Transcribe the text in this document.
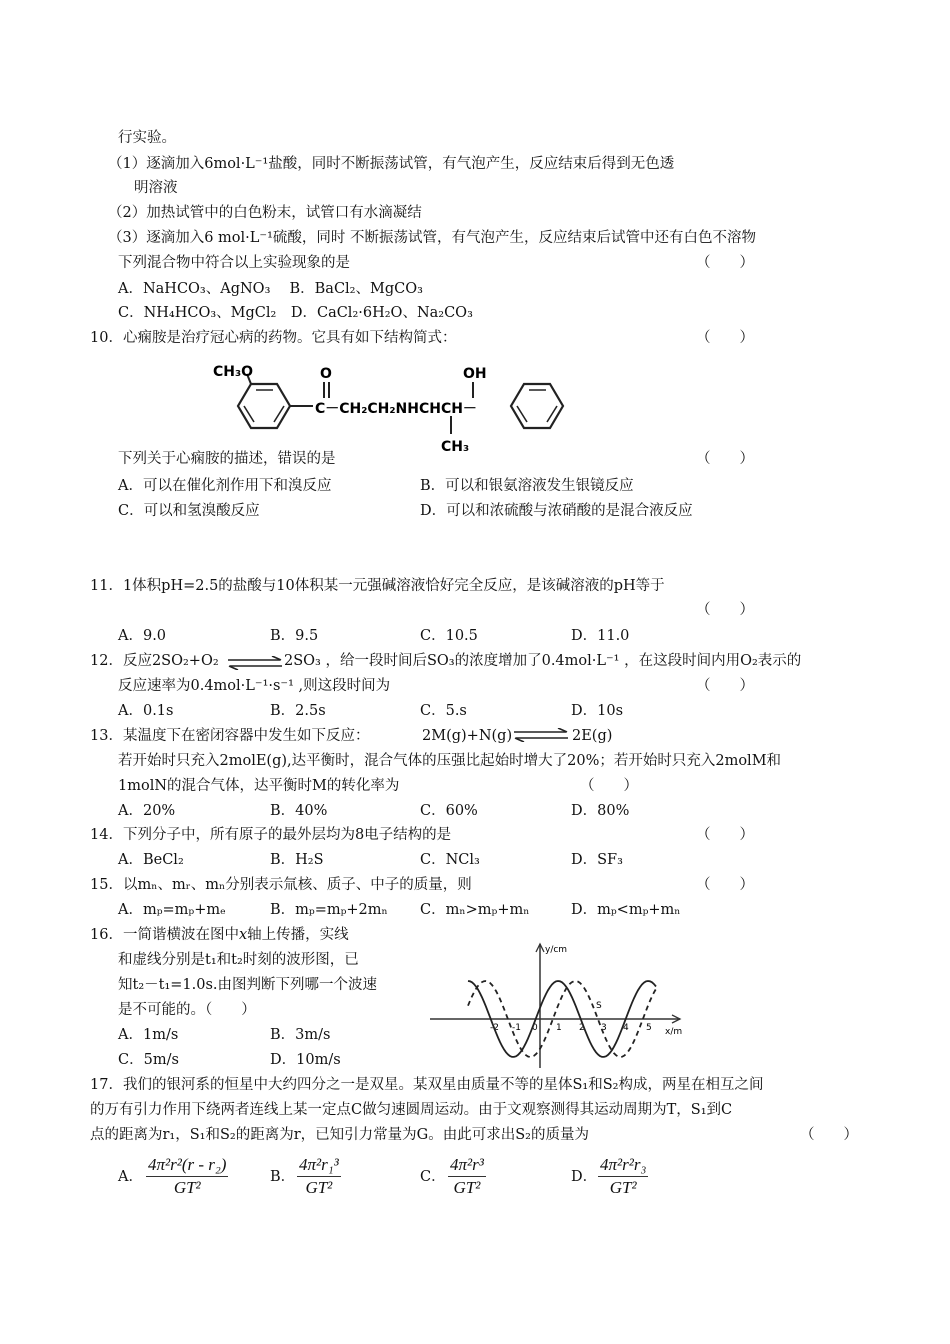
行实验。
（1）逐滴加入6mol·L⁻¹盐酸，同时不断振荡试管，有气泡产生，反应结束后得到无色透
明溶液
（2）加热试管中的白色粉末，试管口有水滴凝结
（3）逐滴加入6 mol·L⁻¹硫酸，同时 不断振荡试管，有气泡产生，反应结束后试管中还有白色不溶物
下列混合物中符合以上实验现象的是	（　　）
A．NaHCO₃、AgNO₃　 B．BaCl₂、MgCO₃
C．NH₄HCO₃、MgCl₂　D．CaCl₂·6H₂O、Na₂CO₃
10．心痫胺是治疗冠心病的药物。它具有如下结构简式：	（　　）
CH₃O	O
C－CH₂CH₂NHCHCH－
OH
CH₃
下列关于心痫胺的描述，错误的是	（　　）
A．可以在催化剂作用下和溴反应	B．可以和银氨溶液发生银镜反应
C．可以和氢溴酸反应	D．可以和浓硫酸与浓硝酸的是混合液反应
11．1体积pH=2.5的盐酸与10体积某一元强碱溶液恰好完全反应，是该碱溶液的pH等于
（　　）
A．9.0	B．9.5	C．10.5	D．11.0
12．反应2SO₂+O₂ ⇌ 2SO₃ ，给一段时间后SO₃的浓度增加了0.4mol·L⁻¹ ，在这段时间内用O₂表示的
反应速率为0.4mol·L⁻¹·s⁻¹ ,则这段时间为	（　　）
A．0.1s	B．2.5s	C．5.s	D．10s
13．某温度下在密闭容器中发生如下反应：	2M(g)+N(g) ⇌ 2E(g)
若开始时只充入2molE(g),达平衡时，混合气体的压强比起始时增大了20%；若开始时只充入2molM和
1molN的混合气体，达平衡时M的转化率为	（　　）
A．20%	B．40%	C．60%	D．80%
14．下列分子中，所有原子的最外层均为8电子结构的是	（　　）
A．BeCl₂	B．H₂S	C．NCl₃	D．SF₃
15．以mₙ、mᵣ、mₙ分别表示氚核、质子、中子的质量，则	（　　）
A．mₚ=mₚ+mₑ	B．mₚ=mₚ+2mₙ C．mₙ>mₚ+mₙ	D．mₚ<mₚ+mₙ
16．一简谐横波在图中x轴上传播，实线
和虚线分别是t₁和t₂时刻的波形图，已
知t₂－t₁=1.0s.由图判断下列哪一个波速
是不可能的。（　　）
A．1m/s	B．3m/s
C．5m/s	D．10m/s
y/cm
x/m
0
-2 -1	1 2 3 4 5
S
17．我们的银河系的恒星中大约四分之一是双星。某双星由质量不等的星体S₁和S₂构成，两星在相互之间
的万有引力作用下绕两者连线上某一定点C做匀速圆周运动。由于文观察测得其运动周期为T，S₁到C
点的距离为r₁，S₁和S₂的距离为r，已知引力常量为G。由此可求出S₂的质量为	（　　）
A． $\frac{\text{4π²r²(r - r₂)}}{\text{GT²}}$	B． $\frac{\text{4π²r₁³}}{\text{GT²}}$	C． $\frac{\text{4π²r³}}{\text{GT²}}$	D． $\frac{\text{4π²r²r₃}}{\text{GT²}}$
